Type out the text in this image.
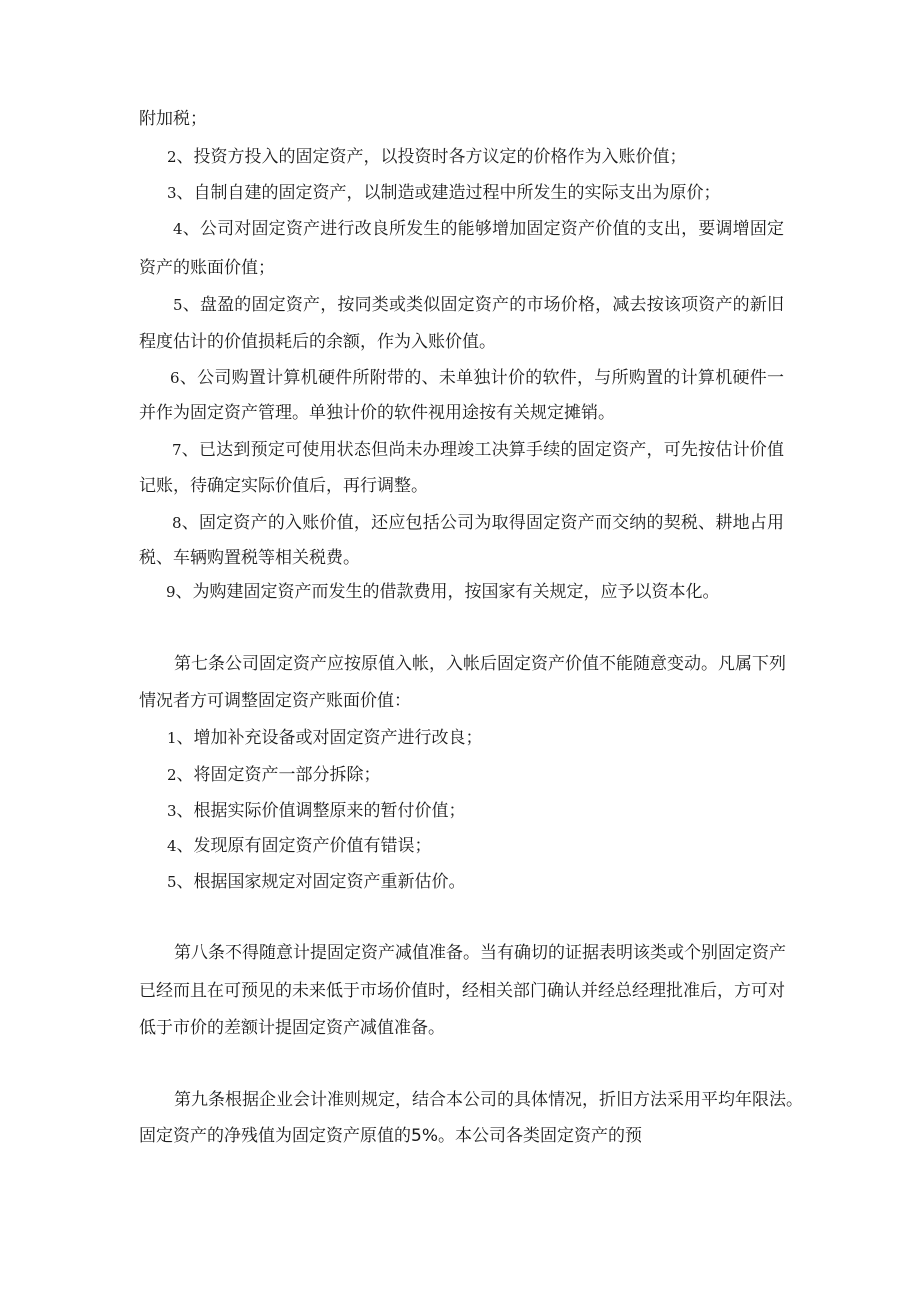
附加税；
2、投资方投入的固定资产，以投资时各方议定的价格作为入账价值；
3、自制自建的固定资产，以制造或建造过程中所发生的实际支出为原价；
4、公司对固定资产进行改良所发生的能够增加固定资产价值的支出，要调增固定
资产的账面价值；
5、盘盈的固定资产，按同类或类似固定资产的市场价格，减去按该项资产的新旧
程度估计的价值损耗后的余额，作为入账价值。
6、公司购置计算机硬件所附带的、未单独计价的软件，与所购置的计算机硬件一
并作为固定资产管理。单独计价的软件视用途按有关规定摊销。
7、已达到预定可使用状态但尚未办理竣工决算手续的固定资产，可先按估计价值
记账，待确定实际价值后，再行调整。
8、固定资产的入账价值，还应包括公司为取得固定资产而交纳的契税、耕地占用
税、车辆购置税等相关税费。
9、为购建固定资产而发生的借款费用，按国家有关规定，应予以资本化。
第七条公司固定资产应按原值入帐，入帐后固定资产价值不能随意变动。凡属下列
情况者方可调整固定资产账面价值：
1、增加补充设备或对固定资产进行改良；
2、将固定资产一部分拆除；
3、根据实际价值调整原来的暂付价值；
4、发现原有固定资产价值有错误；
5、根据国家规定对固定资产重新估价。
第八条不得随意计提固定资产减值准备。当有确切的证据表明该类或个别固定资产
已经而且在可预见的未来低于市场价值时，经相关部门确认并经总经理批准后，方可对
低于市价的差额计提固定资产减值准备。
第九条根据企业会计准则规定，结合本公司的具体情况，折旧方法采用平均年限法。
固定资产的净残值为固定资产原值的5%。本公司各类固定资产的预
